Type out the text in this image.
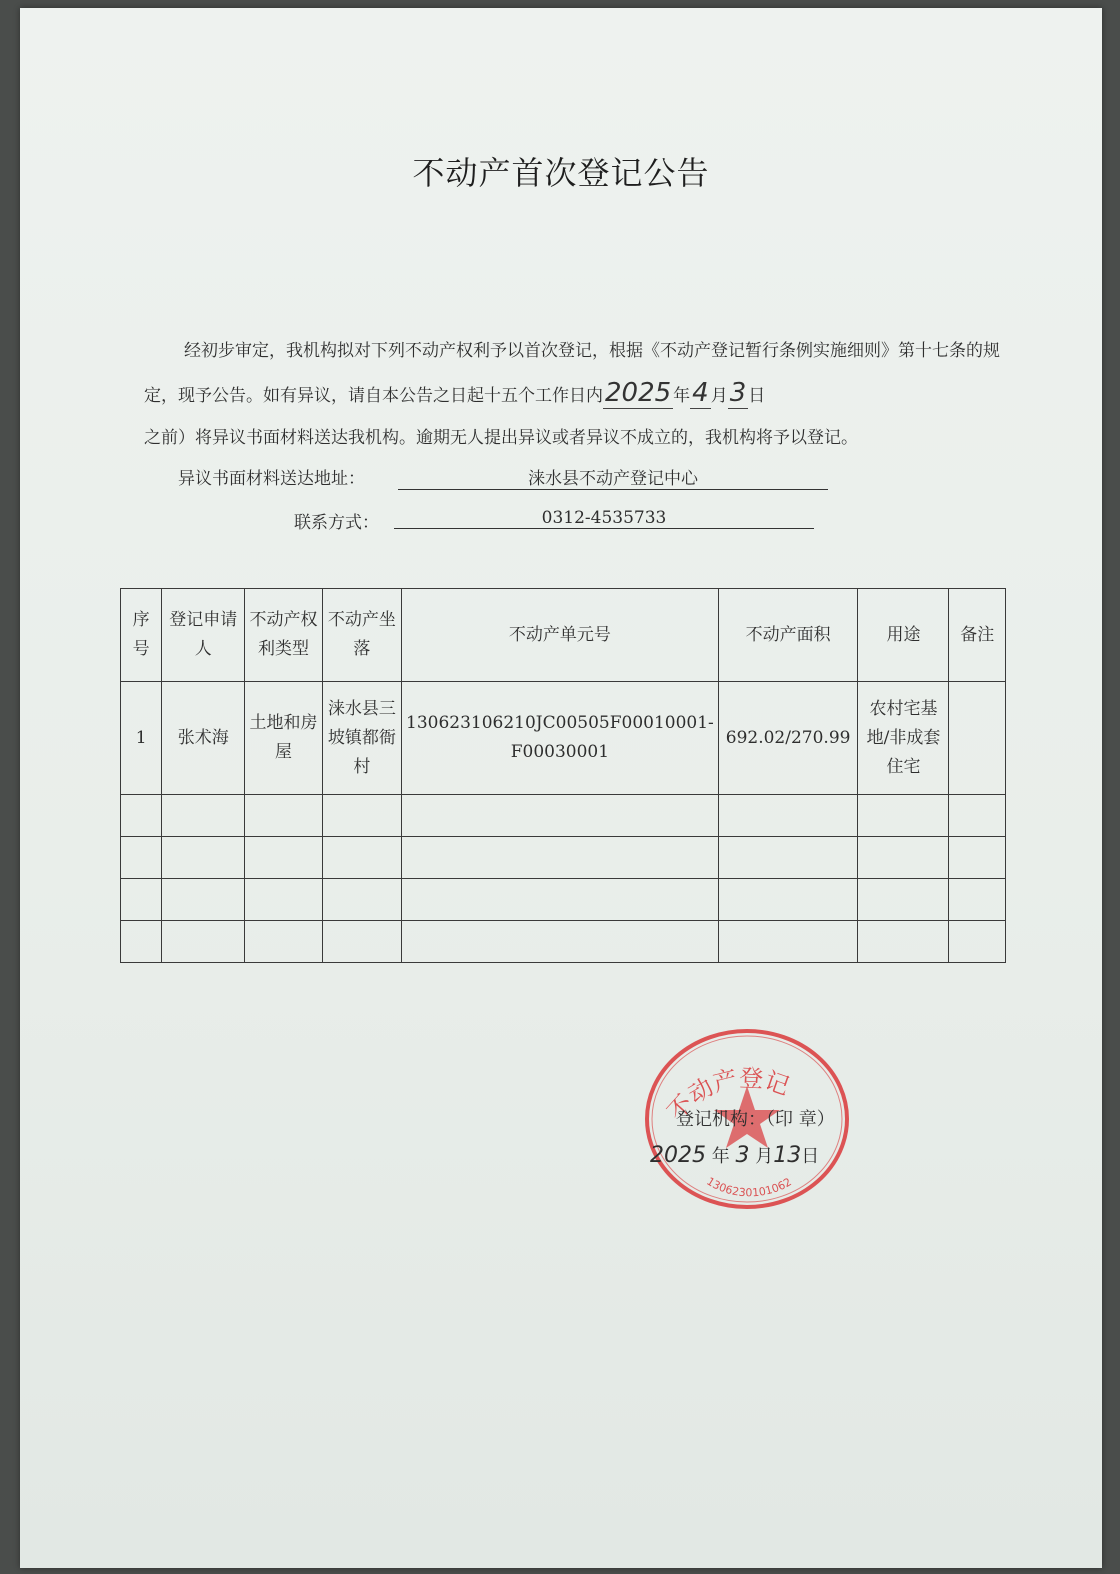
不动产首次登记公告
经初步审定，我机构拟对下列不动产权利予以首次登记，根据《不动产登记暂行条例实施细则》第十七条的规定，现予公告。如有异议，请自本公告之日起十五个工作日内2025 年4 月3 日
之前）将异议书面材料送达我机构。逾期无人提出异议或者异议不成立的，我机构将予以登记。
异议书面材料送达地址：	涞水县不动产登记中心
联系方式：	0312-4535733
序号	登记申请人	不动产权利类型	不动产坐落	不动产单元号	不动产面积	用途	备注
1	张术海	土地和房屋	涞水县三坡镇都衙村	130623106210JC00505F00010001-F00030001	692.02/270.99	农村宅基地/非成套住宅	

不动产登记
1306230101062
登记机构：（印 章）
2025 年 3 月13日
